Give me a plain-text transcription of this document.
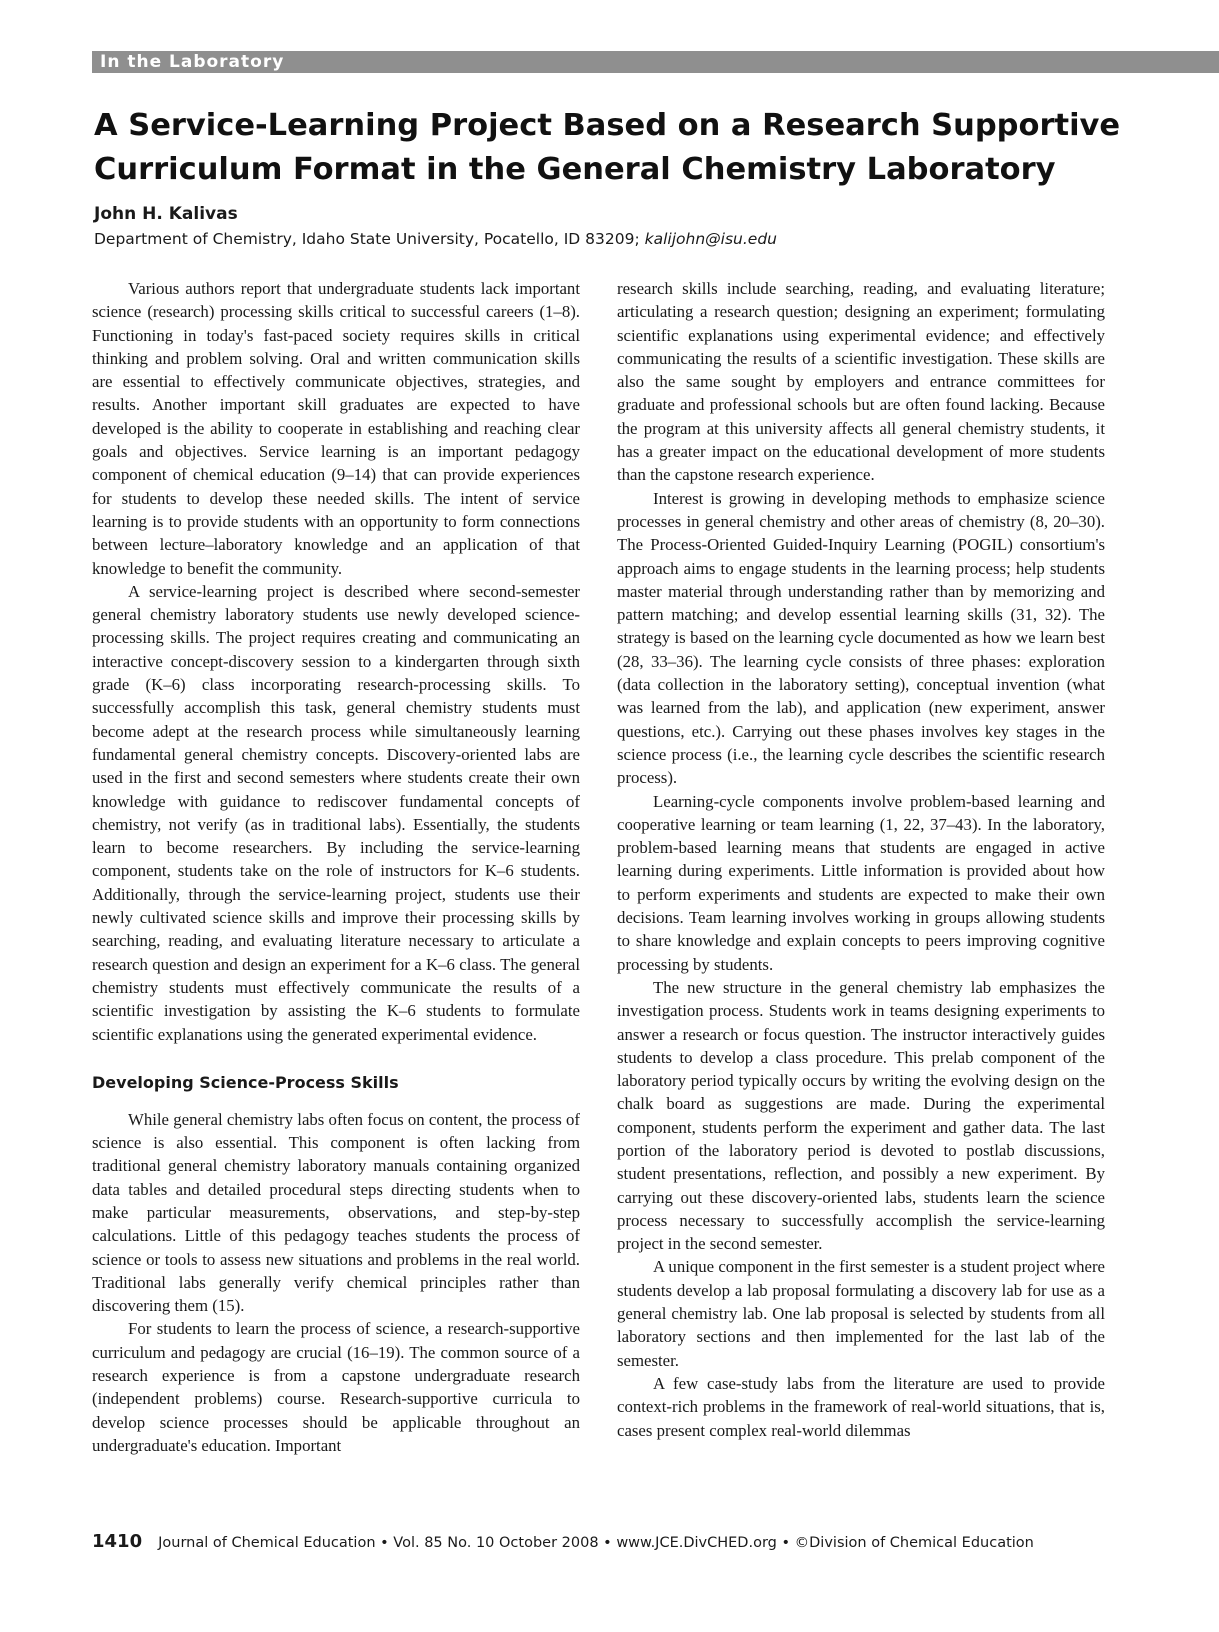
In the Laboratory
A Service-Learning Project Based on a Research Supportive Curriculum Format in the General Chemistry Laboratory

John H. Kalivas

Department of Chemistry, Idaho State University, Pocatello, ID 83209; kalijohn@isu.edu

Various authors report that undergraduate students lack important science (research) processing skills critical to successful careers (1–8). Functioning in today's fast-paced society requires skills in critical thinking and problem solving. Oral and written communication skills are essential to effectively communicate objectives, strategies, and results. Another important skill graduates are expected to have developed is the ability to cooperate in establishing and reaching clear goals and objectives. Service learning is an important pedagogy component of chemical education (9–14) that can provide experiences for students to develop these needed skills. The intent of service learning is to provide students with an opportunity to form connections between lecture–laboratory knowledge and an application of that knowledge to benefit the community.

A service-learning project is described where second-semester general chemistry laboratory students use newly developed science-processing skills. The project requires creating and communicating an interactive concept-discovery session to a kindergarten through sixth grade (K–6) class incorporating research-processing skills. To successfully accomplish this task, general chemistry students must become adept at the research process while simultaneously learning fundamental general chemistry concepts. Discovery-oriented labs are used in the first and second semesters where students create their own knowledge with guidance to rediscover fundamental concepts of chemistry, not verify (as in traditional labs). Essentially, the students learn to become researchers. By including the service-learning component, students take on the role of instructors for K–6 students. Additionally, through the service-learning project, students use their newly cultivated science skills and improve their processing skills by searching, reading, and evaluating literature necessary to articulate a research question and design an experiment for a K–6 class. The general chemistry students must effectively communicate the results of a scientific investigation by assisting the K–6 students to formulate scientific explanations using the generated experimental evidence.

Developing Science-Process Skills

While general chemistry labs often focus on content, the process of science is also essential. This component is often lacking from traditional general chemistry laboratory manuals containing organized data tables and detailed procedural steps directing students when to make particular measurements, observations, and step-by-step calculations. Little of this pedagogy teaches students the process of science or tools to assess new situations and problems in the real world. Traditional labs generally verify chemical principles rather than discovering them (15).

For students to learn the process of science, a research-supportive curriculum and pedagogy are crucial (16–19). The common source of a research experience is from a capstone undergraduate research (independent problems) course. Research-supportive curricula to develop science processes should be applicable throughout an undergraduate's education. Important

research skills include searching, reading, and evaluating literature; articulating a research question; designing an experiment; formulating scientific explanations using experimental evidence; and effectively communicating the results of a scientific investigation. These skills are also the same sought by employers and entrance committees for graduate and professional schools but are often found lacking. Because the program at this university affects all general chemistry students, it has a greater impact on the educational development of more students than the capstone research experience.

Interest is growing in developing methods to emphasize science processes in general chemistry and other areas of chemistry (8, 20–30). The Process-Oriented Guided-Inquiry Learning (POGIL) consortium's approach aims to engage students in the learning process; help students master material through understanding rather than by memorizing and pattern matching; and develop essential learning skills (31, 32). The strategy is based on the learning cycle documented as how we learn best (28, 33–36). The learning cycle consists of three phases: exploration (data collection in the laboratory setting), conceptual invention (what was learned from the lab), and application (new experiment, answer questions, etc.). Carrying out these phases involves key stages in the science process (i.e., the learning cycle describes the scientific research process).

Learning-cycle components involve problem-based learning and cooperative learning or team learning (1, 22, 37–43). In the laboratory, problem-based learning means that students are engaged in active learning during experiments. Little information is provided about how to perform experiments and students are expected to make their own decisions. Team learning involves working in groups allowing students to share knowledge and explain concepts to peers improving cognitive processing by students.

The new structure in the general chemistry lab emphasizes the investigation process. Students work in teams designing experiments to answer a research or focus question. The instructor interactively guides students to develop a class procedure. This prelab component of the laboratory period typically occurs by writing the evolving design on the chalk board as suggestions are made. During the experimental component, students perform the experiment and gather data. The last portion of the laboratory period is devoted to postlab discussions, student presentations, reflection, and possibly a new experiment. By carrying out these discovery-oriented labs, students learn the science process necessary to successfully accomplish the service-learning project in the second semester.

A unique component in the first semester is a student project where students develop a lab proposal formulating a discovery lab for use as a general chemistry lab. One lab proposal is selected by students from all laboratory sections and then implemented for the last lab of the semester.

A few case-study labs from the literature are used to provide context-rich problems in the framework of real-world situations, that is, cases present complex real-world dilemmas

1410 Journal of Chemical Education • Vol. 85 No. 10 October 2008 • www.JCE.DivCHED.org • ©Division of Chemical Education
